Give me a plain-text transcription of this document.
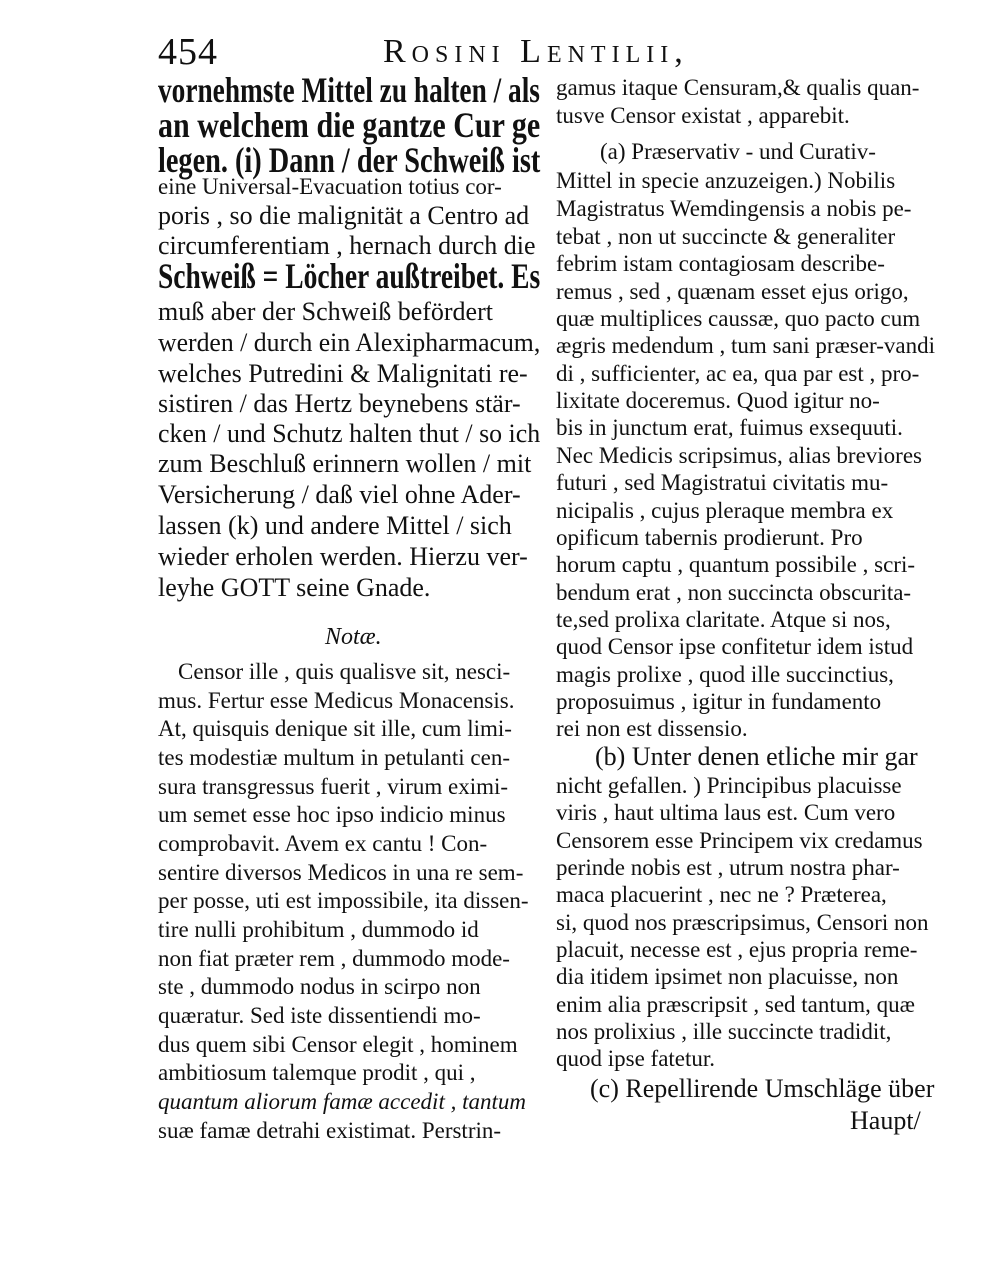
454	Rosini Lentilii,
vornehmste Mittel zu halten / als
an welchem die gantze Cur ge
legen. (i) Dann / der Schweiß ist
eine Universal-Evacuation totius cor-
poris , so die malignität a Centro ad
circumferentiam , hernach durch die
Schweiß = Löcher außtreibet. Es
muß aber der Schweiß befördert
werden / durch ein Alexipharmacum,
welches Putredini & Malignitati re-
sistiren / das Hertz beynebens stär-
cken / und Schutz halten thut / so ich
zum Beschluß erinnern wollen / mit
Versicherung / daß viel ohne Ader-
lassen (k) und andere Mittel / sich
wieder erholen werden. Hierzu ver-
leyhe GOTT seine Gnade.
Notæ.
Censor ille , quis qualisve sit, nesci-
mus. Fertur esse Medicus Monacensis.
At, quisquis denique sit ille, cum limi-
tes modestiæ multum in petulanti cen-
sura transgressus fuerit , virum eximi-
um semet esse hoc ipso indicio minus
comprobavit. Avem ex cantu ! Con-
sentire diversos Medicos in una re sem-
per posse, uti est impossibile, ita dissen-
tire nulli prohibitum , dummodo id
non fiat præter rem , dummodo mode-
ste , dummodo nodus in scirpo non
quæratur. Sed iste dissentiendi mo-
dus quem sibi Censor elegit , hominem
ambitiosum talemque prodit , qui ,
quantum aliorum famæ accedit , tantum
suæ famæ detrahi existimat. Perstrin-
gamus itaque Censuram,& qualis quan-
tusve Censor existat , apparebit.
(a) Præservativ - und Curativ-
Mittel in specie anzuzeigen.) Nobilis
Magistratus Wemdingensis a nobis pe-
tebat , non ut succincte & generaliter
febrim istam contagiosam describe-
remus , sed , quænam esset ejus origo,
quæ multiplices caussæ, quo pacto cum
ægris medendum , tum sani præser-vandi
di , sufficienter, ac ea, qua par est , pro-
lixitate doceremus. Quod igitur no-
bis in junctum erat, fuimus exsequuti.
Nec Medicis scripsimus, alias breviores
futuri , sed Magistratui civitatis mu-
nicipalis , cujus pleraque membra ex
opificum tabernis prodierunt. Pro
horum captu , quantum possibile , scri-
bendum erat , non succincta obscurita-
te,sed prolixa claritate. Atque si nos,
quod Censor ipse confitetur idem istud
magis prolixe , quod ille succinctius,
proposuimus , igitur in fundamento
rei non est dissensio.
(b) Unter denen etliche mir gar
nicht gefallen. ) Principibus placuisse
viris , haut ultima laus est. Cum vero
Censorem esse Principem vix credamus
perinde nobis est , utrum nostra phar-
maca placuerint , nec ne ? Præterea,
si, quod nos præscripsimus, Censori non
placuit, necesse est , ejus propria reme-
dia itidem ipsimet non placuisse, non
enim alia præscripsit , sed tantum, quæ
nos prolixius , ille succincte tradidit,
quod ipse fatetur.
(c) Repellirende Umschläge über
Haupt/
